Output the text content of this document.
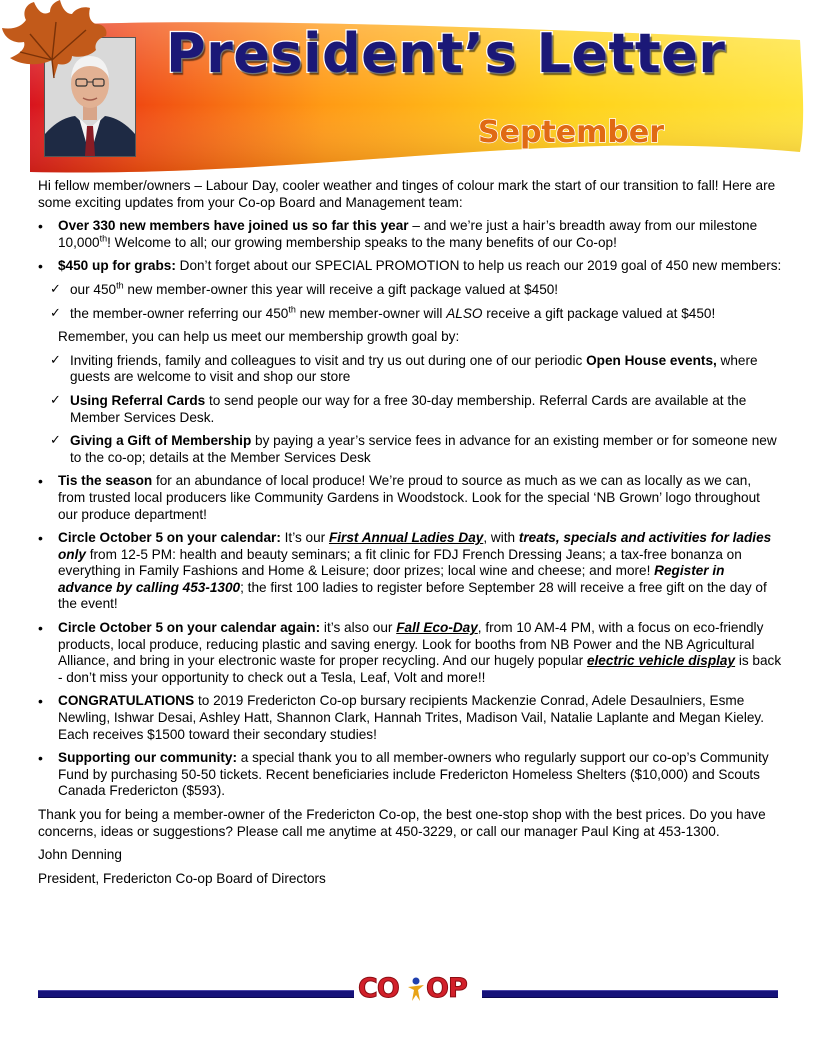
President’s Letter
September

Hi fellow member/owners – Labour Day, cooler weather and tinges of colour mark the start of our transition to fall! Here are some exciting updates from your Co-op Board and Management team:

• Over 330 new members have joined us so far this year – and we’re just a hair’s breadth away from our milestone 10,000th! Welcome to all; our growing membership speaks to the many benefits of our Co-op!
• $450 up for grabs: Don’t forget about our SPECIAL PROMOTION to help us reach our 2019 goal of 450 new members:
✓ our 450th new member-owner this year will receive a gift package valued at $450!
✓ the member-owner referring our 450th new member-owner will ALSO receive a gift package valued at $450!
Remember, you can help us meet our membership growth goal by:
✓ Inviting friends, family and colleagues to visit and try us out during one of our periodic Open House events, where guests are welcome to visit and shop our store
✓ Using Referral Cards to send people our way for a free 30-day membership. Referral Cards are available at the Member Services Desk.
✓ Giving a Gift of Membership by paying a year’s service fees in advance for an existing member or for someone new to the co-op; details at the Member Services Desk
• Tis the season for an abundance of local produce! We’re proud to source as much as we can as locally as we can, from trusted local producers like Community Gardens in Woodstock. Look for the special ‘NB Grown’ logo throughout our produce department!
• Circle October 5 on your calendar: It’s our First Annual Ladies Day, with treats, specials and activities for ladies only from 12-5 PM: health and beauty seminars; a fit clinic for FDJ French Dressing Jeans; a tax-free bonanza on everything in Family Fashions and Home & Leisure; door prizes; local wine and cheese; and more! Register in advance by calling 453-1300; the first 100 ladies to register before September 28 will receive a free gift on the day of the event!
• Circle October 5 on your calendar again: it’s also our Fall Eco-Day, from 10 AM-4 PM, with a focus on eco-friendly products, local produce, reducing plastic and saving energy. Look for booths from NB Power and the NB Agricultural Alliance, and bring in your electronic waste for proper recycling. And our hugely popular electric vehicle display is back - don’t miss your opportunity to check out a Tesla, Leaf, Volt and more!!
• CONGRATULATIONS to 2019 Fredericton Co-op bursary recipients Mackenzie Conrad, Adele Desaulniers, Esme Newling, Ishwar Desai, Ashley Hatt, Shannon Clark, Hannah Trites, Madison Vail, Natalie Laplante and Megan Kieley. Each receives $1500 toward their secondary studies!
• Supporting our community: a special thank you to all member-owners who regularly support our co-op’s Community Fund by purchasing 50-50 tickets. Recent beneficiaries include Fredericton Homeless Shelters ($10,000) and Scouts Canada Fredericton ($593).

Thank you for being a member-owner of the Fredericton Co-op, the best one-stop shop with the best prices. Do you have concerns, ideas or suggestions? Please call me anytime at 450-3229, or call our manager Paul King at 453-1300.

John Denning

President, Fredericton Co-op Board of Directors

CO OP
